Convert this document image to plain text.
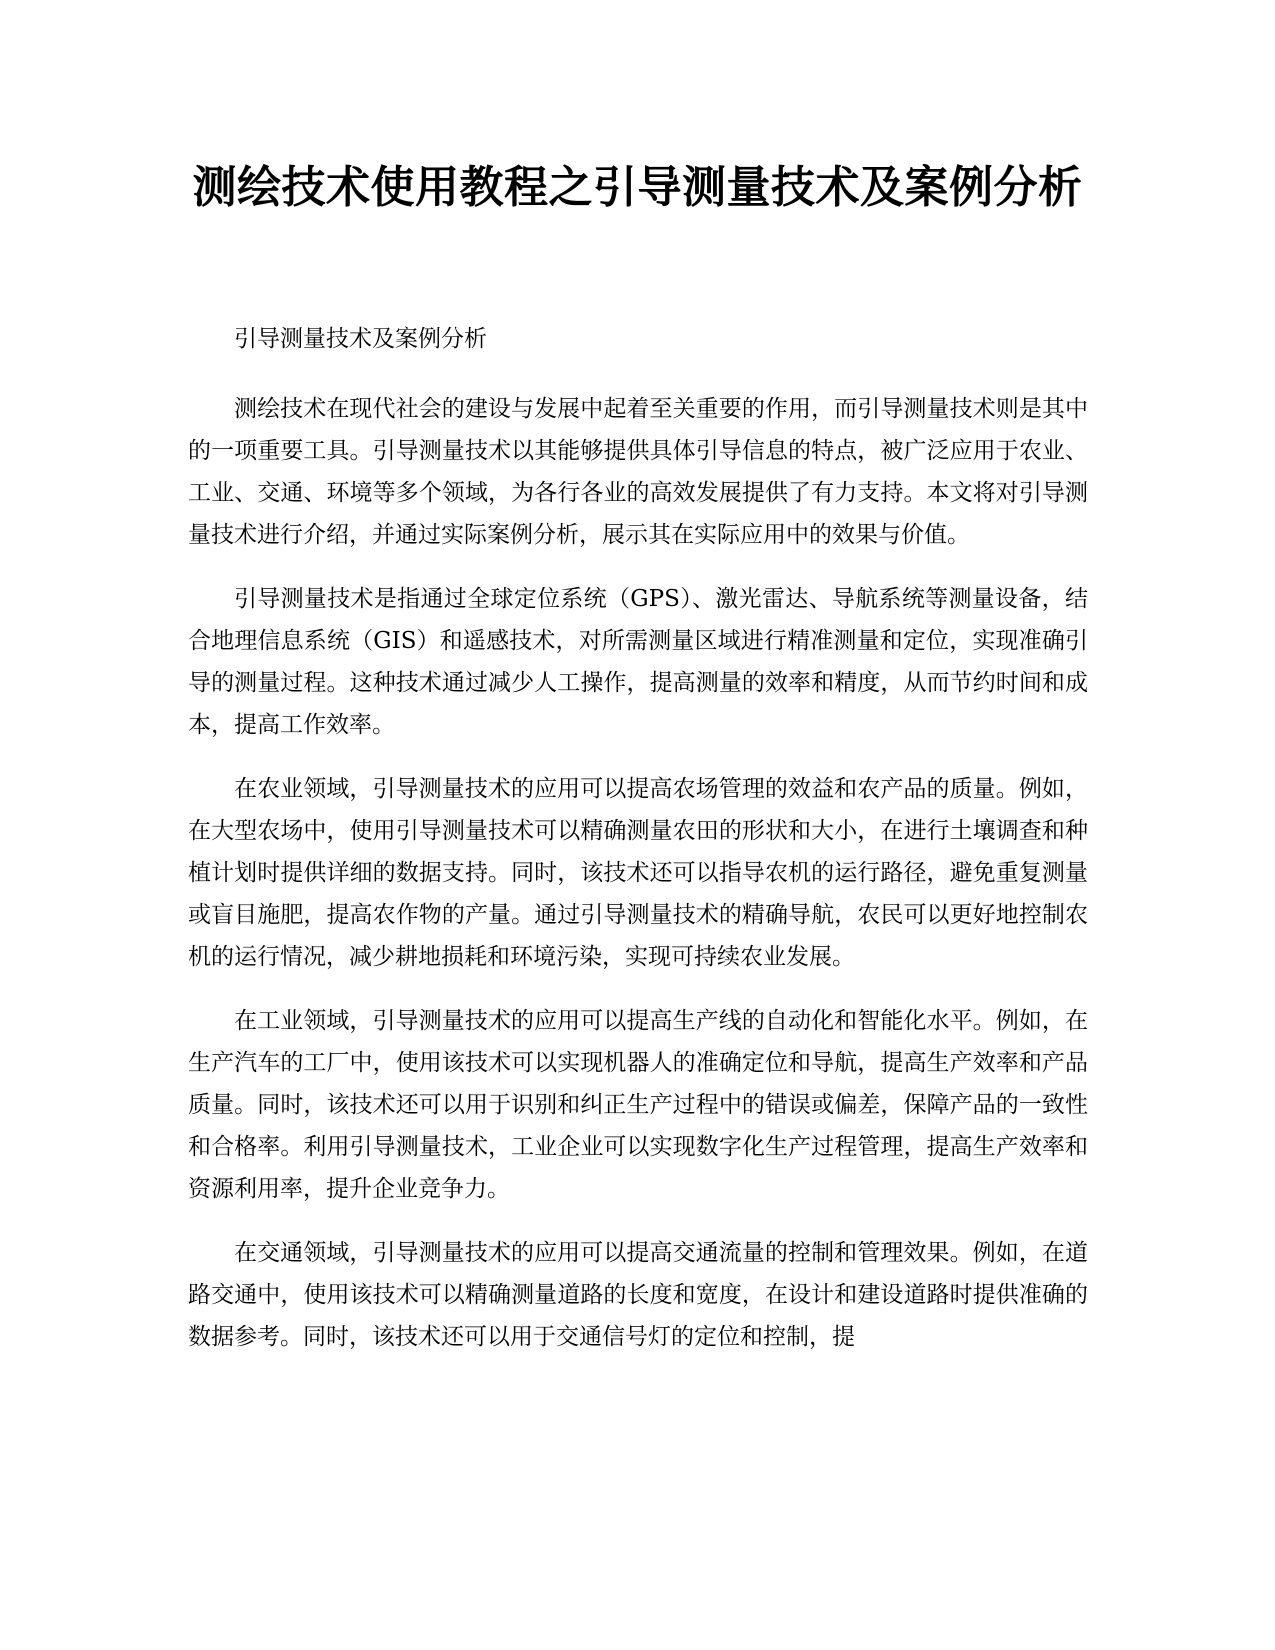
测绘技术使用教程之引导测量技术及案例分析

引导测量技术及案例分析

测绘技术在现代社会的建设与发展中起着至关重要的作用，而引导测量技术则是其中的一项重要工具。引导测量技术以其能够提供具体引导信息的特点，被广泛应用于农业、工业、交通、环境等多个领域，为各行各业的高效发展提供了有力支持。本文将对引导测量技术进行介绍，并通过实际案例分析，展示其在实际应用中的效果与价值。

引导测量技术是指通过全球定位系统（GPS）、激光雷达、导航系统等测量设备，结合地理信息系统（GIS）和遥感技术，对所需测量区域进行精准测量和定位，实现准确引导的测量过程。这种技术通过减少人工操作，提高测量的效率和精度，从而节约时间和成本，提高工作效率。

在农业领域，引导测量技术的应用可以提高农场管理的效益和农产品的质量。例如，在大型农场中，使用引导测量技术可以精确测量农田的形状和大小，在进行土壤调查和种植计划时提供详细的数据支持。同时，该技术还可以指导农机的运行路径，避免重复测量或盲目施肥，提高农作物的产量。通过引导测量技术的精确导航，农民可以更好地控制农机的运行情况，减少耕地损耗和环境污染，实现可持续农业发展。

在工业领域，引导测量技术的应用可以提高生产线的自动化和智能化水平。例如，在生产汽车的工厂中，使用该技术可以实现机器人的准确定位和导航，提高生产效率和产品质量。同时，该技术还可以用于识别和纠正生产过程中的错误或偏差，保障产品的一致性和合格率。利用引导测量技术，工业企业可以实现数字化生产过程管理，提高生产效率和资源利用率，提升企业竞争力。

在交通领域，引导测量技术的应用可以提高交通流量的控制和管理效果。例如，在道路交通中，使用该技术可以精确测量道路的长度和宽度，在设计和建设道路时提供准确的数据参考。同时，该技术还可以用于交通信号灯的定位和控制，提
